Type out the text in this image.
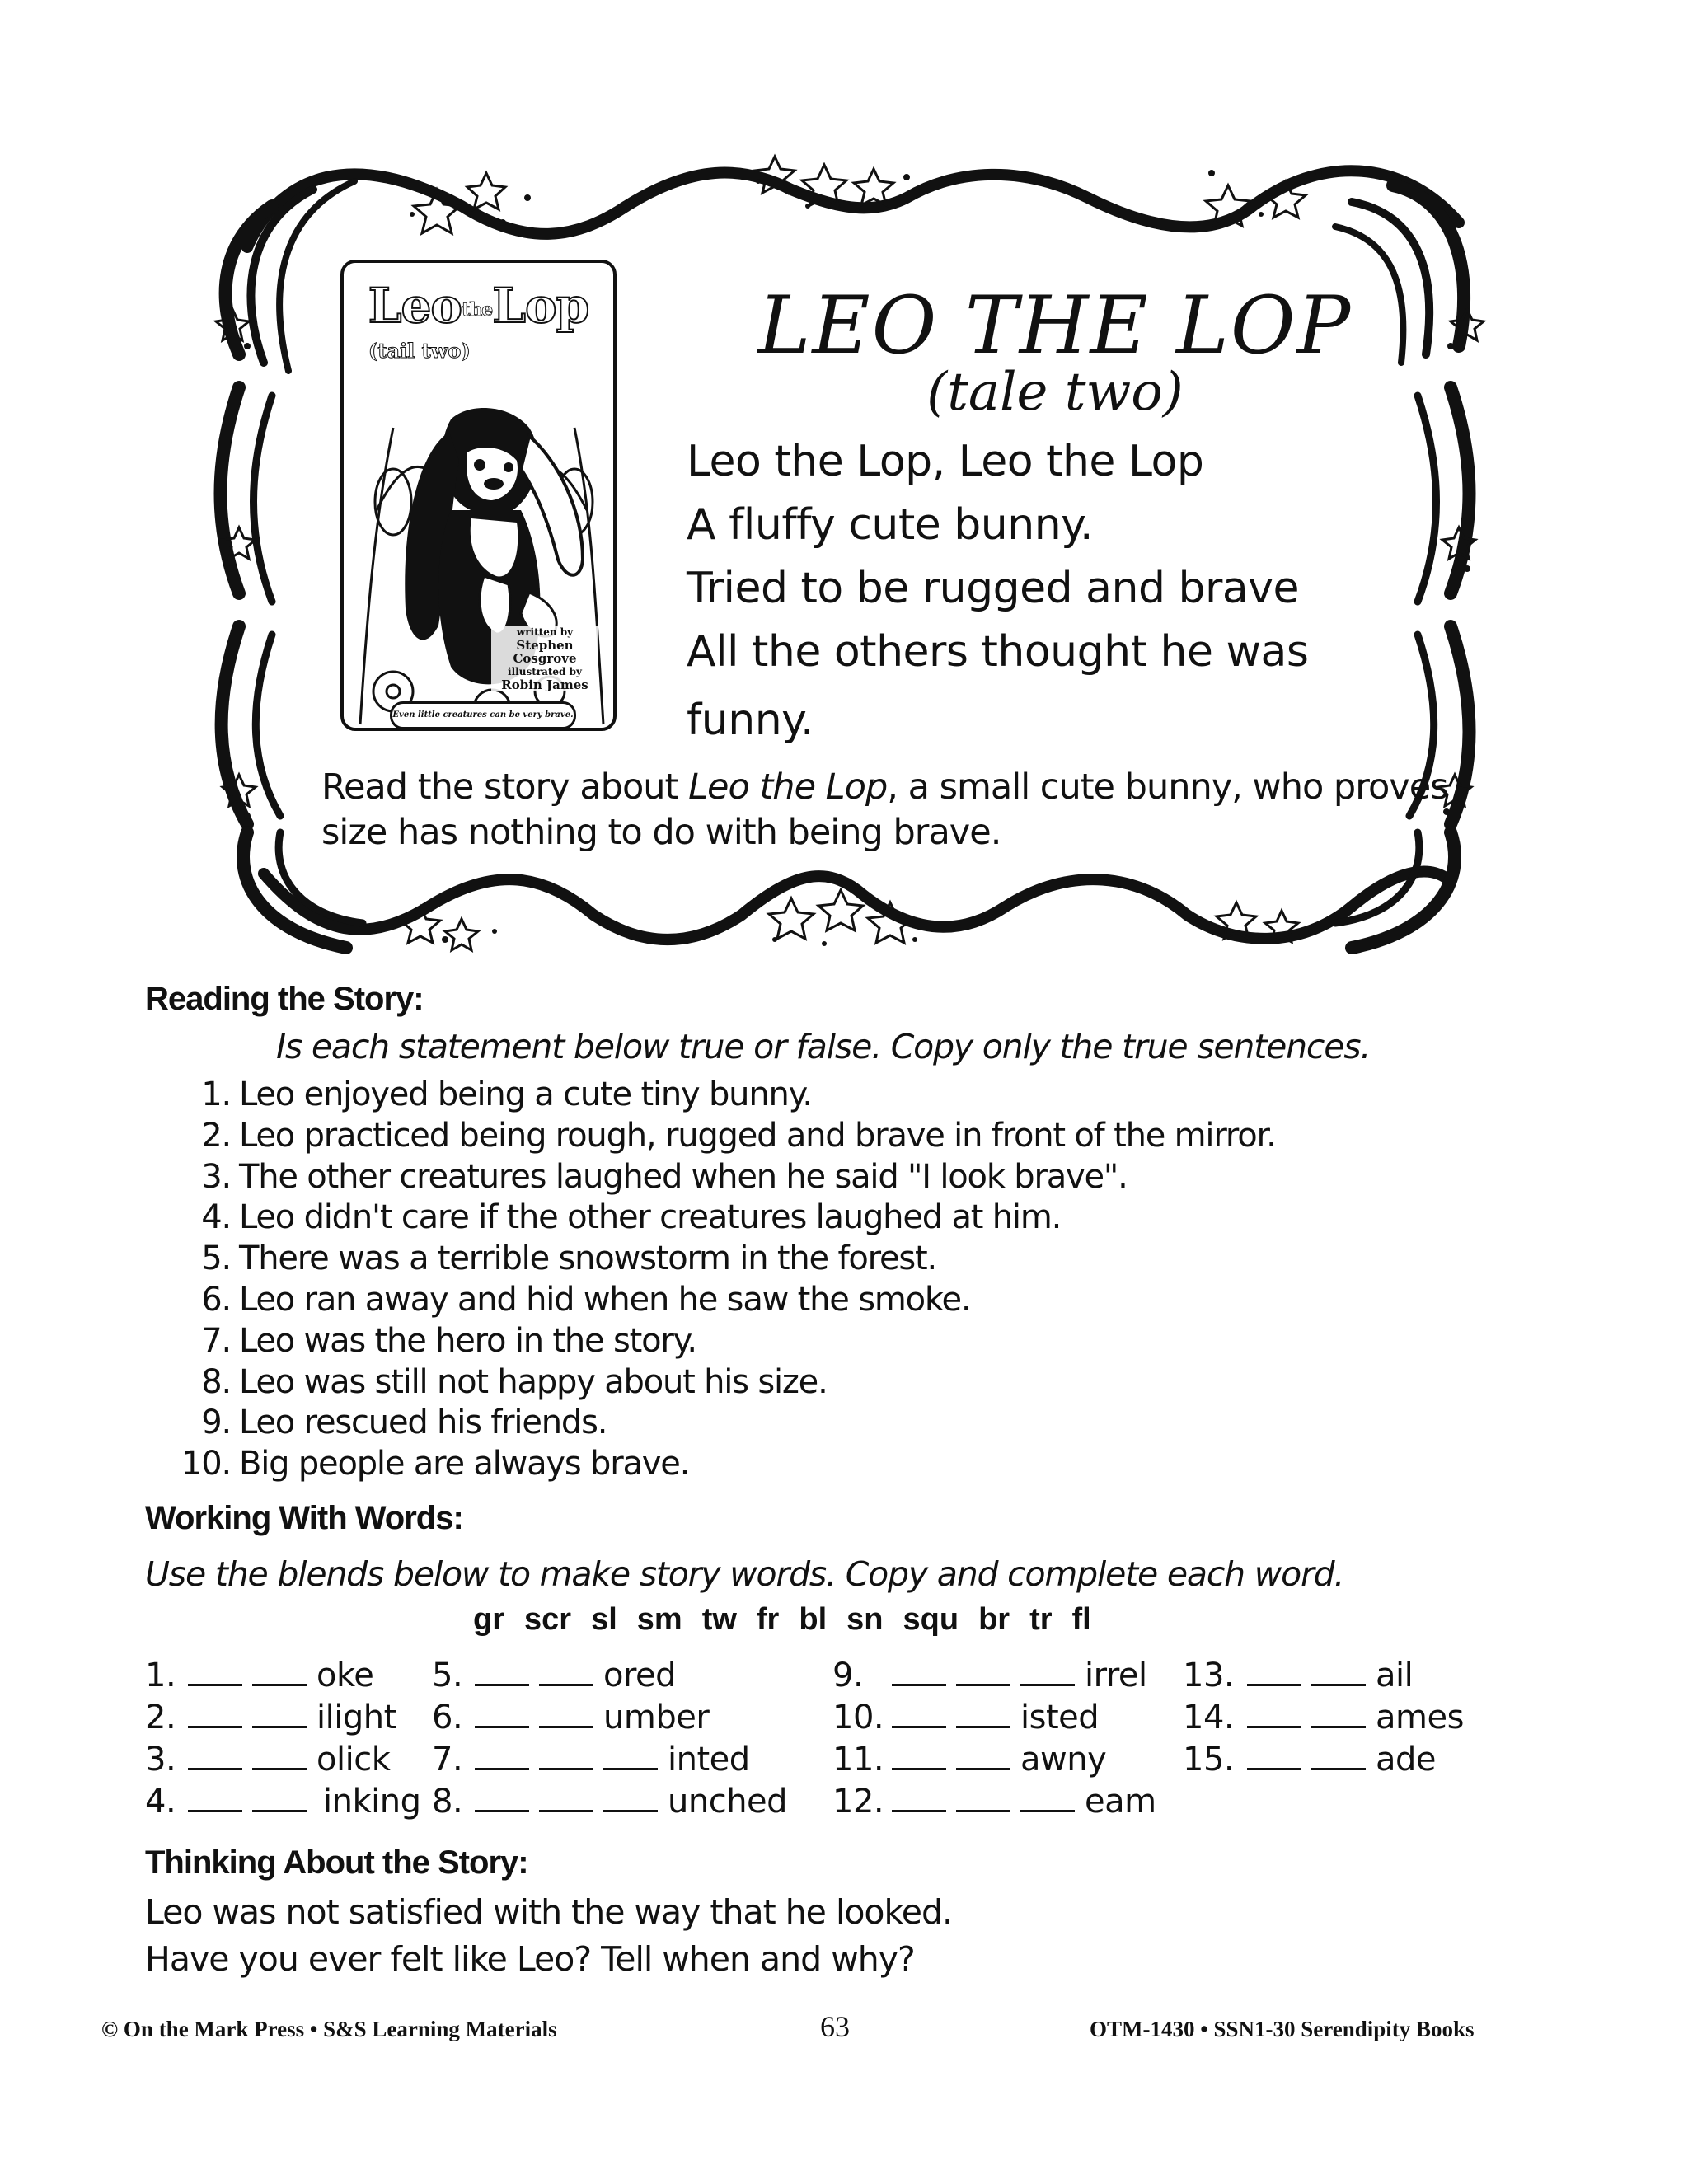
LeotheLop
(tail two)
written by
Stephen Cosgrove
illustrated by
Robin James
Even little creatures can be very brave.
LEO THE LOP
(tale two)
Leo the Lop, Leo the Lop
A fluffy cute bunny.
Tried to be rugged and brave
All the others thought he was
funny.
Read the story about Leo the Lop, a small cute bunny, who proves size has nothing to do with being brave.
Reading the Story:
Is each statement below true or false. Copy only the true sentences.
1. Leo enjoyed being a cute tiny bunny.
2. Leo practiced being rough, rugged and brave in front of the mirror.
3. The other creatures laughed when he said "I look brave".
4. Leo didn't care if the other creatures laughed at him.
5. There was a terrible snowstorm in the forest.
6. Leo ran away and hid when he saw the smoke.
7. Leo was the hero in the story.
8. Leo was still not happy about his size.
9. Leo rescued his friends.
10. Big people are always brave.
Working With Words:
Use the blends below to make story words. Copy and complete each word.
gr scr sl sm tw fr bl sn squ br tr fl
1.	oke
2.	ilight
3.	olick
4.	inking
5.	ored
6.	umber
7.	inted
8.	unched
9.	irrel
10.	isted
11.	awny
12.	eam
13.	ail
14.	ames
15.	ade
Thinking About the Story:
Leo was not satisfied with the way that he looked.
Have you ever felt like Leo? Tell when and why?
© On the Mark Press • S&S Learning Materials	63	OTM-1430 • SSN1-30 Serendipity Books
